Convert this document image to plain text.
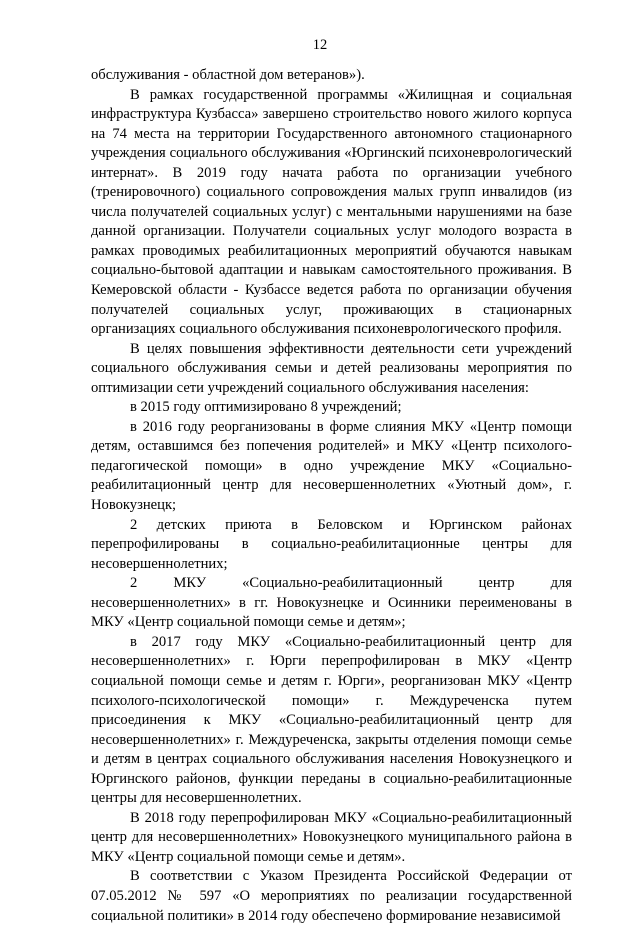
12

обслуживания - областной дом ветеранов»).

В рамках государственной программы «Жилищная и социальная инфраструктура Кузбасса» завершено строительство нового жилого корпуса на 74 места на территории Государственного автономного стационарного учреждения социального обслуживания «Юргинский психоневрологический интернат». В 2019 году начата работа по организации учебного (тренировочного) социального сопровождения малых групп инвалидов (из числа получателей социальных услуг) с ментальными нарушениями на базе данной организации. Получатели социальных услуг молодого возраста в рамках проводимых реабилитационных мероприятий обучаются навыкам социально-бытовой адаптации и навыкам самостоятельного проживания. В Кемеровской области - Кузбассе ведется работа по организации обучения получателей социальных услуг, проживающих в стационарных организациях социального обслуживания психоневрологического профиля.

В целях повышения эффективности деятельности сети учреждений социального обслуживания семьи и детей реализованы мероприятия по оптимизации сети учреждений социального обслуживания населения:

в 2015 году оптимизировано 8 учреждений;

в 2016 году реорганизованы в форме слияния МКУ «Центр помощи детям, оставшимся без попечения родителей» и МКУ «Центр психолого-педагогической помощи» в одно учреждение МКУ «Социально-реабилитационный центр для несовершеннолетних «Уютный дом», г. Новокузнецк;

2 детских приюта в Беловском и Юргинском районах перепрофилированы в социально-реабилитационные центры для несовершеннолетних;

2 МКУ «Социально-реабилитационный центр для несовершеннолетних» в гг. Новокузнецке и Осинники переименованы в МКУ «Центр социальной помощи семье и детям»;

в 2017 году МКУ «Социально-реабилитационный центр для несовершеннолетних» г. Юрги перепрофилирован в МКУ «Центр социальной помощи семье и детям г. Юрги», реорганизован МКУ «Центр психолого-психологической помощи» г. Междуреченска путем присоединения к МКУ «Социально-реабилитационный центр для несовершеннолетних» г. Междуреченска, закрыты отделения помощи семье и детям в центрах социального обслуживания населения Новокузнецкого и Юргинского районов, функции переданы в социально-реабилитационные центры для несовершеннолетних.

В 2018 году перепрофилирован МКУ «Социально-реабилитационный центр для несовершеннолетних» Новокузнецкого муниципального района в МКУ «Центр социальной помощи семье и детям».

В соответствии с Указом Президента Российской Федерации от 07.05.2012 № 597 «О мероприятиях по реализации государственной социальной политики» в 2014 году обеспечено формирование независимой
